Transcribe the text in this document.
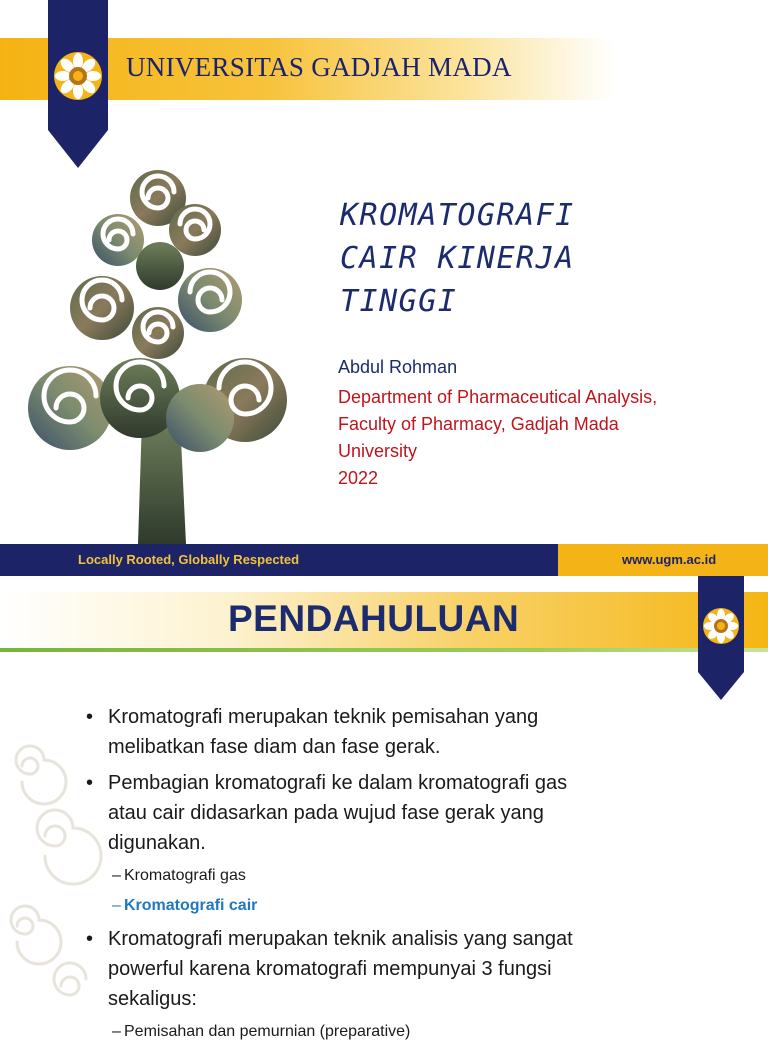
UNIVERSITAS GADJAH MADA
KROMATOGRAFI
CAIR KINERJA
TINGGI
Abdul Rohman
Department of Pharmaceutical Analysis,
Faculty of Pharmacy, Gadjah Mada
University
2022
Locally Rooted, Globally Respected	www.ugm.ac.id
PENDAHULUAN
• Kromatografi merupakan teknik pemisahan yang
melibatkan fase diam dan fase gerak.
• Pembagian kromatografi ke dalam kromatografi gas
atau cair didasarkan pada wujud fase gerak yang
digunakan.
– Kromatografi gas
– Kromatografi cair
• Kromatografi merupakan teknik analisis yang sangat
powerful karena kromatografi mempunyai 3 fungsi
sekaligus:
– Pemisahan dan pemurnian (preparative)
